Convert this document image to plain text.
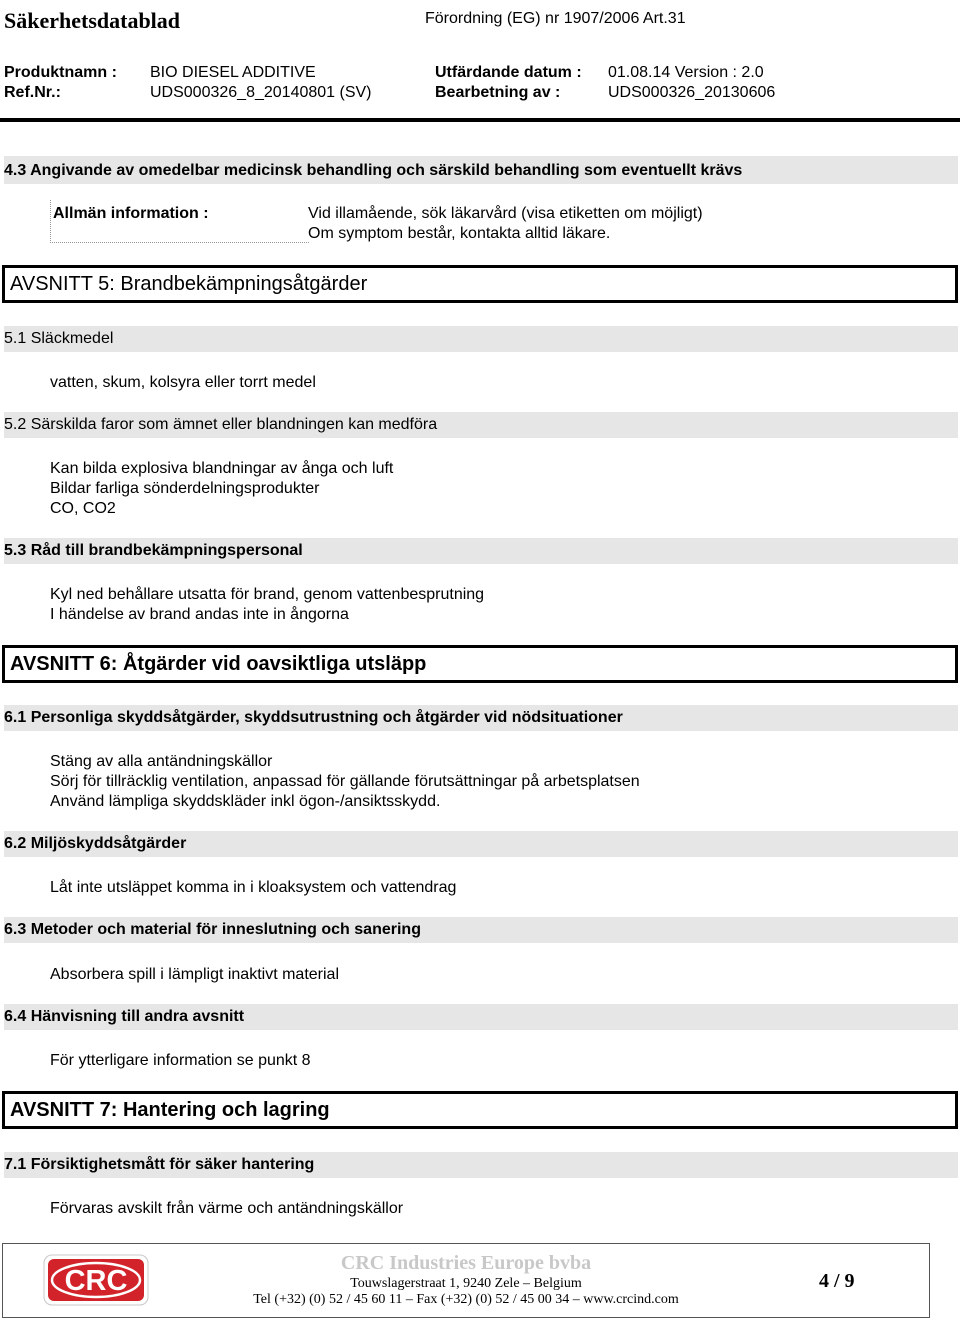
Säkerhetsdatablad	Förordning (EG) nr 1907/2006 Art.31
Produktnamn : BIO DIESEL ADDITIVE	Utfärdande datum : 01.08.14 Version : 2.0
Ref.Nr.:	UDS000326_8_20140801 (SV)	Bearbetning av :	UDS000326_20130606
4.3 Angivande av omedelbar medicinsk behandling och särskild behandling som eventuellt krävs
Allmän information :	Vid illamående, sök läkarvård (visa etiketten om möjligt)
Om symptom består, kontakta alltid läkare.
AVSNITT 5: Brandbekämpningsåtgärder
5.1 Släckmedel
vatten, skum, kolsyra eller torrt medel
5.2 Särskilda faror som ämnet eller blandningen kan medföra
Kan bilda explosiva blandningar av ånga och luft
Bildar farliga sönderdelningsprodukter
CO, CO2
5.3 Råd till brandbekämpningspersonal
Kyl ned behållare utsatta för brand, genom vattenbesprutning
I händelse av brand andas inte in ångorna
AVSNITT 6: Åtgärder vid oavsiktliga utsläpp
6.1 Personliga skyddsåtgärder, skyddsutrustning och åtgärder vid nödsituationer
Stäng av alla antändningskällor
Sörj för tillräcklig ventilation, anpassad för gällande förutsättningar på arbetsplatsen
Använd lämpliga skyddskläder inkl ögon-/ansiktsskydd.
6.2 Miljöskyddsåtgärder
Låt inte utsläppet komma in i kloaksystem och vattendrag
6.3 Metoder och material för inneslutning och sanering
Absorbera spill i lämpligt inaktivt material
6.4 Hänvisning till andra avsnitt
För ytterligare information se punkt 8
AVSNITT 7: Hantering och lagring
7.1 Försiktighetsmått för säker hantering
Förvaras avskilt från värme och antändningskällor
CRC
CRC Industries Europe bvba
Touwslagerstraat 1, 9240 Zele – Belgium
Tel (+32) (0) 52 / 45 60 11 – Fax (+32) (0) 52 / 45 00 34 – www.crcind.com
4 / 9
